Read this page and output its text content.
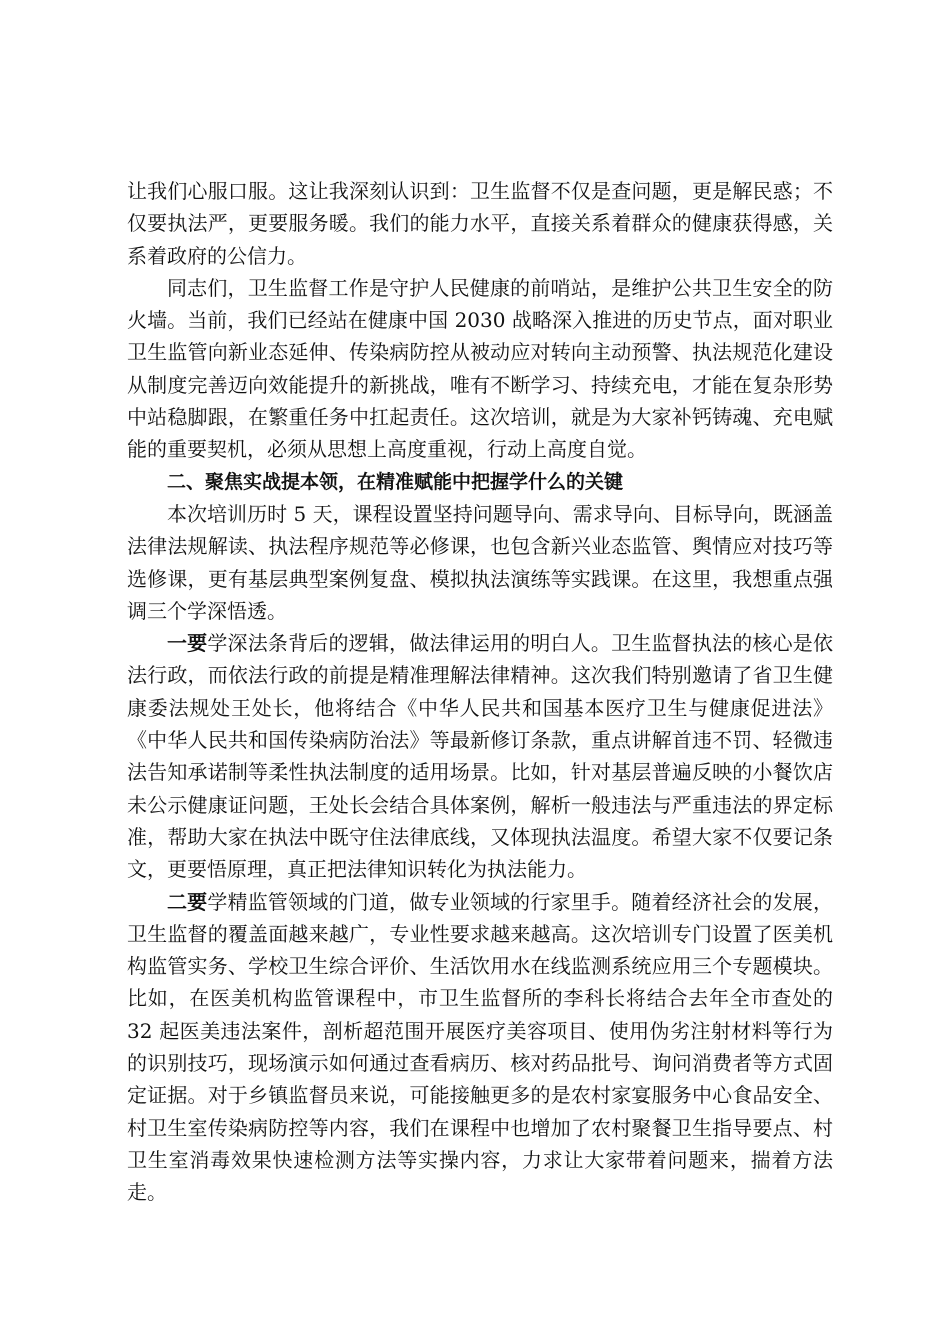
让我们心服口服。这让我深刻认识到：卫生监督不仅是查问题，更是解民惑；不仅要执法严，更要服务暖。我们的能力水平，直接关系着群众的健康获得感，关系着政府的公信力。

同志们，卫生监督工作是守护人民健康的前哨站，是维护公共卫生安全的防火墙。当前，我们已经站在健康中国 2030 战略深入推进的历史节点，面对职业卫生监管向新业态延伸、传染病防控从被动应对转向主动预警、执法规范化建设从制度完善迈向效能提升的新挑战，唯有不断学习、持续充电，才能在复杂形势中站稳脚跟，在繁重任务中扛起责任。这次培训，就是为大家补钙铸魂、充电赋能的重要契机，必须从思想上高度重视，行动上高度自觉。

二、聚焦实战提本领，在精准赋能中把握学什么的关键

本次培训历时 5 天，课程设置坚持问题导向、需求导向、目标导向，既涵盖法律法规解读、执法程序规范等必修课，也包含新兴业态监管、舆情应对技巧等选修课，更有基层典型案例复盘、模拟执法演练等实践课。在这里，我想重点强调三个学深悟透。

一要学深法条背后的逻辑，做法律运用的明白人。卫生监督执法的核心是依法行政，而依法行政的前提是精准理解法律精神。这次我们特别邀请了省卫生健康委法规处王处长，他将结合《中华人民共和国基本医疗卫生与健康促进法》《中华人民共和国传染病防治法》等最新修订条款，重点讲解首违不罚、轻微违法告知承诺制等柔性执法制度的适用场景。比如，针对基层普遍反映的小餐饮店未公示健康证问题，王处长会结合具体案例，解析一般违法与严重违法的界定标准，帮助大家在执法中既守住法律底线，又体现执法温度。希望大家不仅要记条文，更要悟原理，真正把法律知识转化为执法能力。

二要学精监管领域的门道，做专业领域的行家里手。随着经济社会的发展，卫生监督的覆盖面越来越广，专业性要求越来越高。这次培训专门设置了医美机构监管实务、学校卫生综合评价、生活饮用水在线监测系统应用三个专题模块。比如，在医美机构监管课程中，市卫生监督所的李科长将结合去年全市查处的 32 起医美违法案件，剖析超范围开展医疗美容项目、使用伪劣注射材料等行为的识别技巧，现场演示如何通过查看病历、核对药品批号、询问消费者等方式固定证据。对于乡镇监督员来说，可能接触更多的是农村家宴服务中心食品安全、村卫生室传染病防控等内容，我们在课程中也增加了农村聚餐卫生指导要点、村卫生室消毒效果快速检测方法等实操内容，力求让大家带着问题来，揣着方法走。
